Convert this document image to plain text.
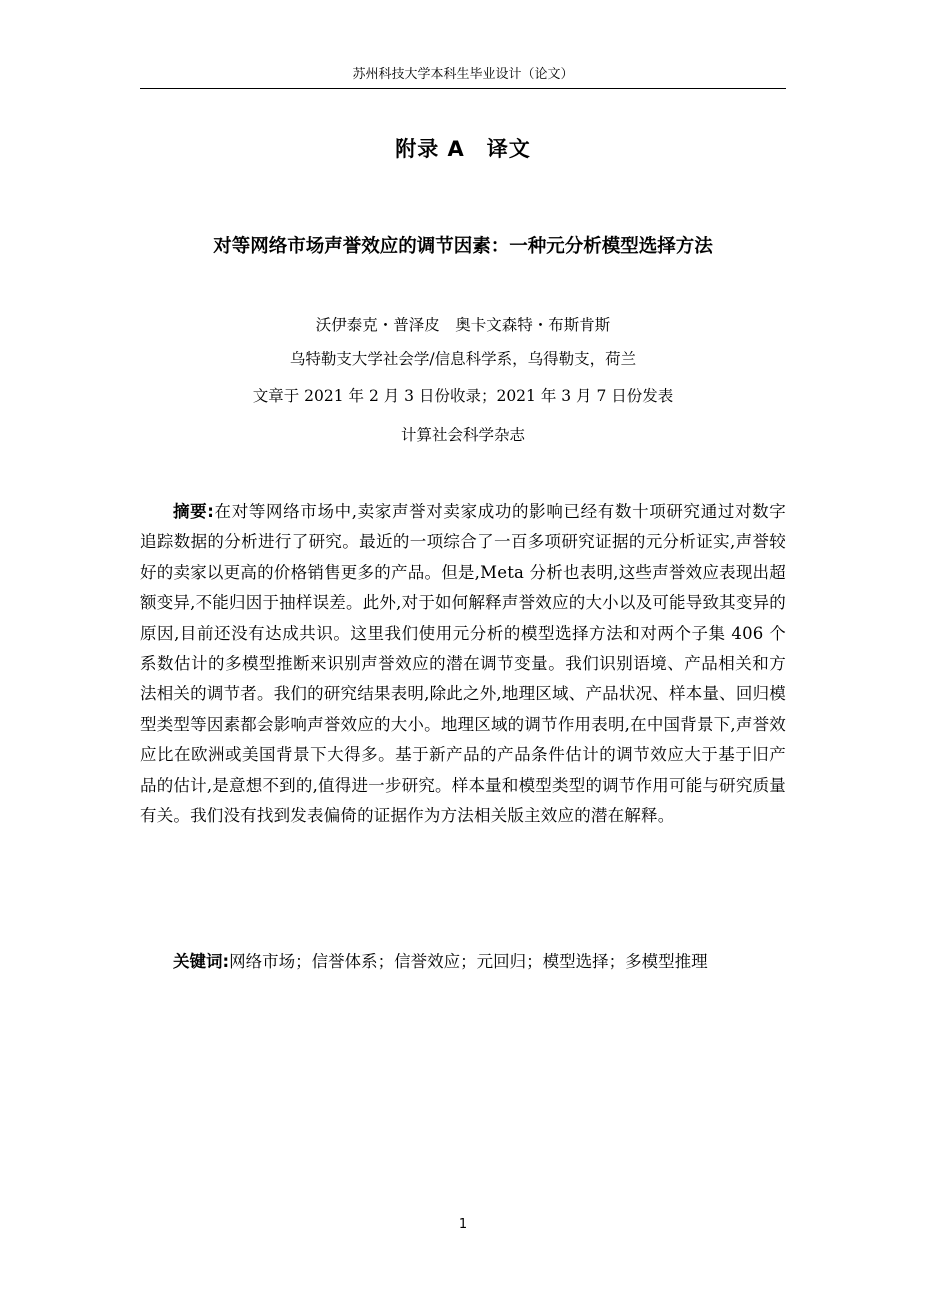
苏州科技大学本科生毕业设计（论文）
附录 A　译文
对等网络市场声誉效应的调节因素：一种元分析模型选择方法
沃伊泰克・普泽皮　奥卡文森特・布斯肯斯
乌特勒支大学社会学/信息科学系，乌得勒支，荷兰
文章于 2021 年 2 月 3 日份收录；2021 年 3 月 7 日份发表
计算社会科学杂志

摘要:在对等网络市场中,卖家声誉对卖家成功的影响已经有数十项研究通过对数字追踪数据的分析进行了研究。最近的一项综合了一百多项研究证据的元分析证实,声誉较好的卖家以更高的价格销售更多的产品。但是,Meta 分析也表明,这些声誉效应表现出超额变异,不能归因于抽样误差。此外,对于如何解释声誉效应的大小以及可能导致其变异的原因,目前还没有达成共识。这里我们使用元分析的模型选择方法和对两个子集 406 个系数估计的多模型推断来识别声誉效应的潜在调节变量。我们识别语境、产品相关和方法相关的调节者。我们的研究结果表明,除此之外,地理区域、产品状况、样本量、回归模型类型等因素都会影响声誉效应的大小。地理区域的调节作用表明,在中国背景下,声誉效应比在欧洲或美国背景下大得多。基于新产品的产品条件估计的调节效应大于基于旧产品的估计,是意想不到的,值得进一步研究。样本量和模型类型的调节作用可能与研究质量有关。我们没有找到发表偏倚的证据作为方法相关版主效应的潜在解释。

关键词:网络市场；信誉体系；信誉效应；元回归；模型选择；多模型推理

1
